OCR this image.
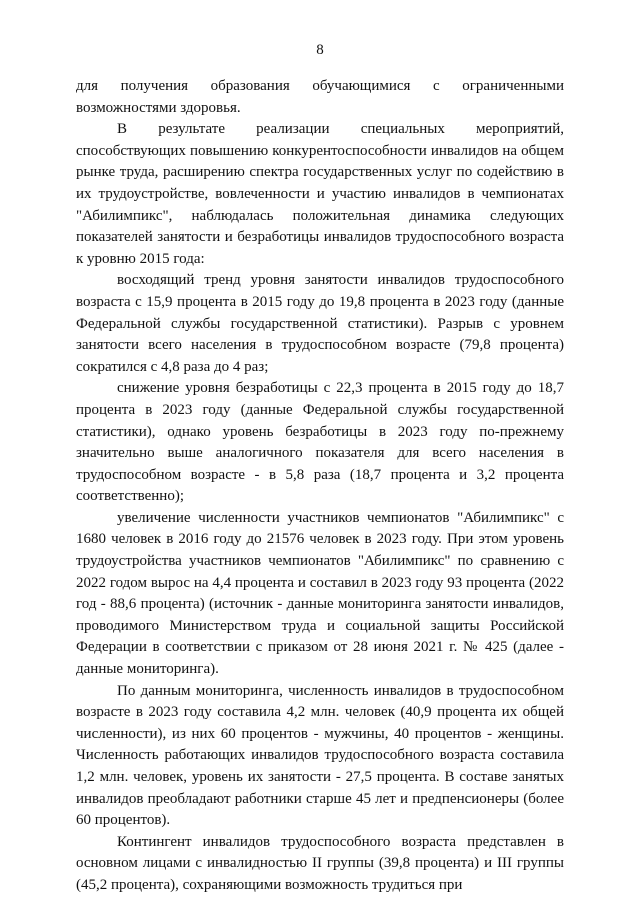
8

для получения образования обучающимися с ограниченными возможностями здоровья.

В результате реализации специальных мероприятий, способствующих повышению конкурентоспособности инвалидов на общем рынке труда, расширению спектра государственных услуг по содействию в их трудоустройстве, вовлеченности и участию инвалидов в чемпионатах "Абилимпикс", наблюдалась положительная динамика следующих показателей занятости и безработицы инвалидов трудоспособного возраста к уровню 2015 года:

восходящий тренд уровня занятости инвалидов трудоспособного возраста с 15,9 процента в 2015 году до 19,8 процента в 2023 году (данные Федеральной службы государственной статистики). Разрыв с уровнем занятости всего населения в трудоспособном возрасте (79,8 процента) сократился с 4,8 раза до 4 раз;

снижение уровня безработицы с 22,3 процента в 2015 году до 18,7 процента в 2023 году (данные Федеральной службы государственной статистики), однако уровень безработицы в 2023 году по-прежнему значительно выше аналогичного показателя для всего населения в трудоспособном возрасте - в 5,8 раза (18,7 процента и 3,2 процента соответственно);

увеличение численности участников чемпионатов "Абилимпикс" с 1680 человек в 2016 году до 21576 человек в 2023 году. При этом уровень трудоустройства участников чемпионатов "Абилимпикс" по сравнению с 2022 годом вырос на 4,4 процента и составил в 2023 году 93 процента (2022 год - 88,6 процента) (источник - данные мониторинга занятости инвалидов, проводимого Министерством труда и социальной защиты Российской Федерации в соответствии с приказом от 28 июня 2021 г. № 425 (далее - данные мониторинга).

По данным мониторинга, численность инвалидов в трудоспособном возрасте в 2023 году составила 4,2 млн. человек (40,9 процента их общей численности), из них 60 процентов - мужчины, 40 процентов - женщины. Численность работающих инвалидов трудоспособного возраста составила 1,2 млн. человек, уровень их занятости - 27,5 процента. В составе занятых инвалидов преобладают работники старше 45 лет и предпенсионеры (более 60 процентов).

Контингент инвалидов трудоспособного возраста представлен в основном лицами с инвалидностью II группы (39,8 процента) и III группы (45,2 процента), сохраняющими возможность трудиться при
